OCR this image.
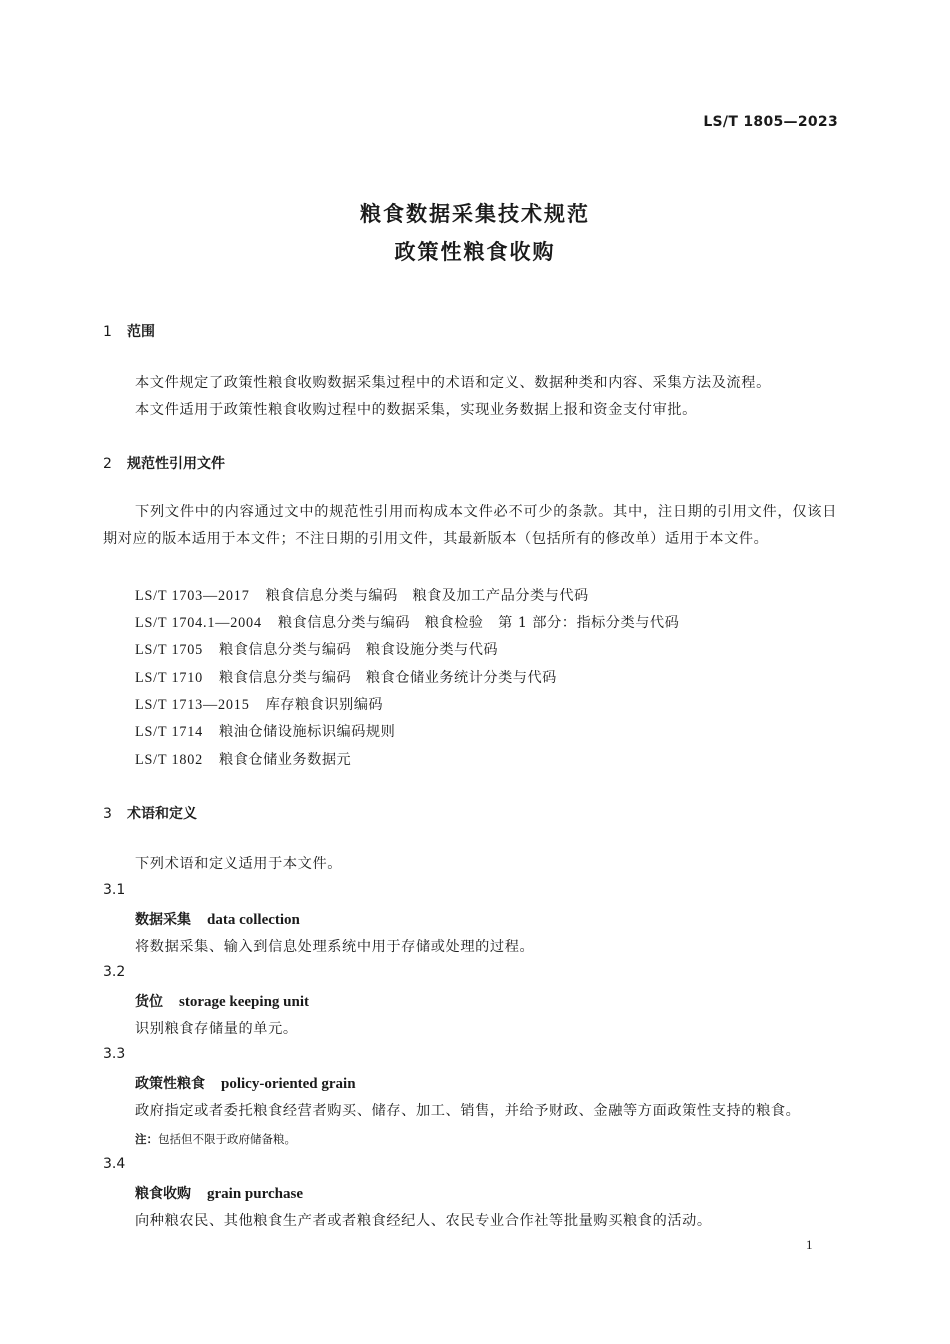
LS/T 1805—2023
粮食数据采集技术规范
政策性粮食收购
1 范围
本文件规定了政策性粮食收购数据采集过程中的术语和定义、数据种类和内容、采集方法及流程。
本文件适用于政策性粮食收购过程中的数据采集，实现业务数据上报和资金支付审批。
2 规范性引用文件
下列文件中的内容通过文中的规范性引用而构成本文件必不可少的条款。其中，注日期的引用文件，仅该日期对应的版本适用于本文件；不注日期的引用文件，其最新版本（包括所有的修改单）适用于本文件。
LS/T 1703—2017 粮食信息分类与编码　粮食及加工产品分类与代码
LS/T 1704.1—2004 粮食信息分类与编码　粮食检验　第 1 部分：指标分类与代码
LS/T 1705 粮食信息分类与编码　粮食设施分类与代码
LS/T 1710 粮食信息分类与编码　粮食仓储业务统计分类与代码
LS/T 1713—2015 库存粮食识别编码
LS/T 1714 粮油仓储设施标识编码规则
LS/T 1802 粮食仓储业务数据元
3 术语和定义
下列术语和定义适用于本文件。
3.1
数据采集 data collection
将数据采集、输入到信息处理系统中用于存储或处理的过程。
3.2
货位 storage keeping unit
识别粮食存储量的单元。
3.3
政策性粮食 policy-oriented grain
政府指定或者委托粮食经营者购买、储存、加工、销售，并给予财政、金融等方面政策性支持的粮食。
注：包括但不限于政府储备粮。
3.4
粮食收购 grain purchase
向种粮农民、其他粮食生产者或者粮食经纪人、农民专业合作社等批量购买粮食的活动。
1
